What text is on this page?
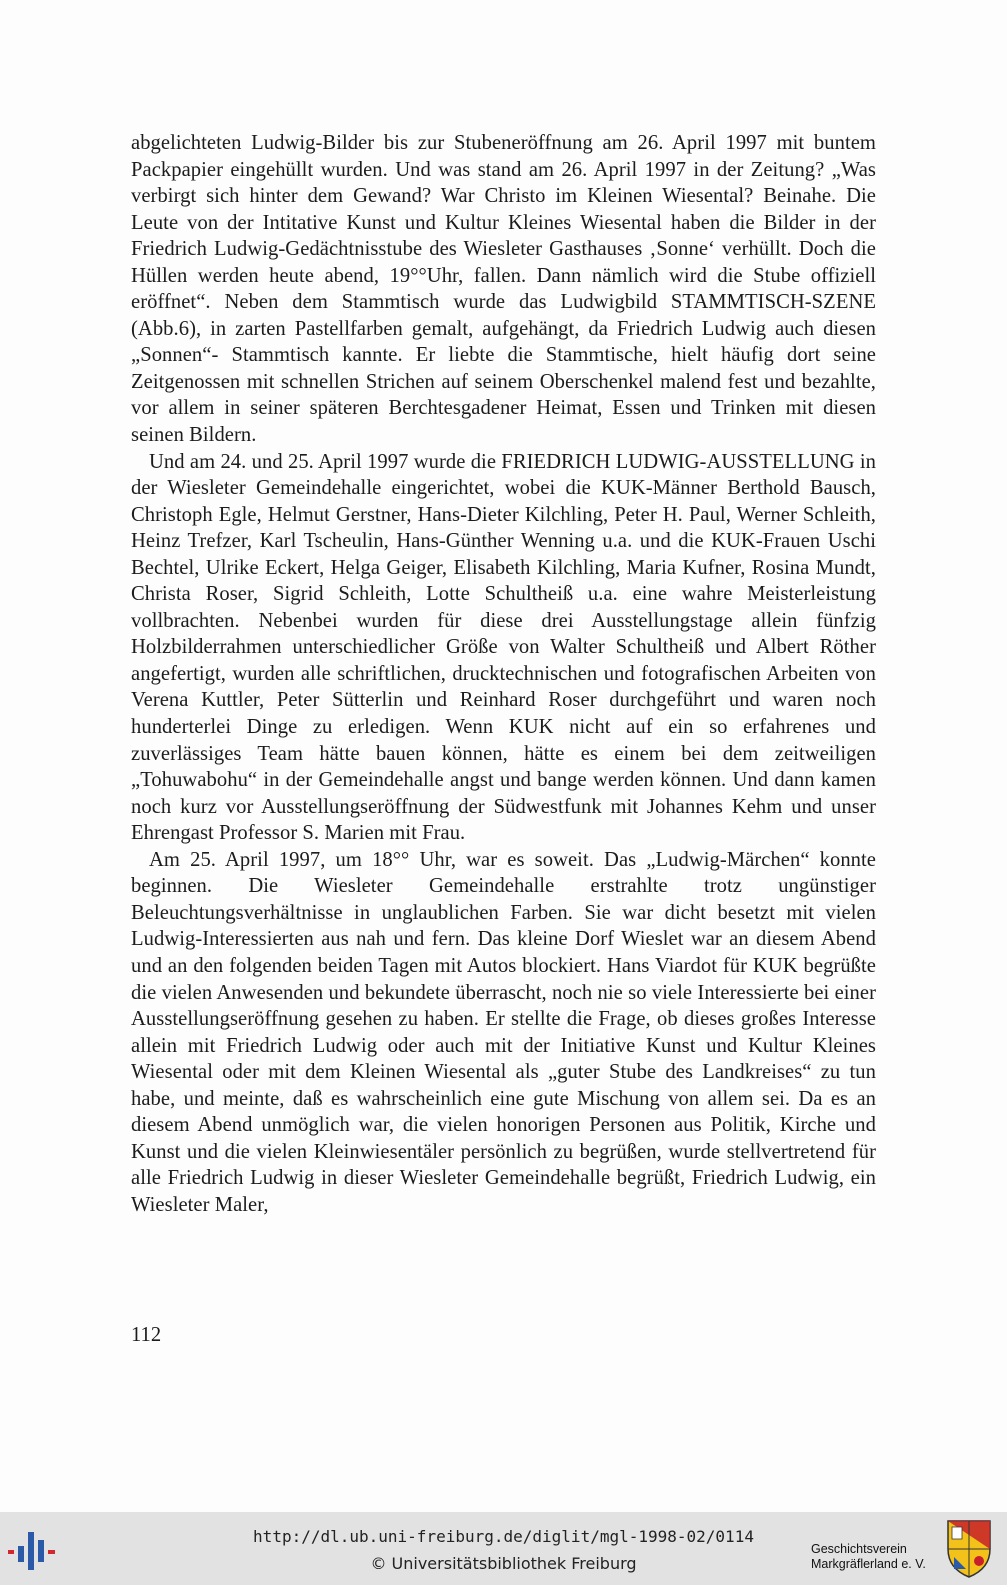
abgelichteten Ludwig-Bilder bis zur Stubeneröffnung am 26. April 1997 mit buntem Packpapier eingehüllt wurden. Und was stand am 26. April 1997 in der Zeitung? „Was verbirgt sich hinter dem Gewand? War Christo im Kleinen Wiesental? Beinahe. Die Leute von der Intitative Kunst und Kultur Kleines Wiesental haben die Bilder in der Friedrich Ludwig-Gedächtnisstube des Wiesleter Gasthauses ‚Sonne‘ verhüllt. Doch die Hüllen werden heute abend, 19°°Uhr, fallen. Dann nämlich wird die Stube offiziell eröffnet“. Neben dem Stammtisch wurde das Ludwigbild STAMMTISCH-SZENE (Abb.6), in zarten Pastellfarben gemalt, aufgehängt, da Friedrich Ludwig auch diesen „Sonnen“- Stammtisch kannte. Er liebte die Stammtische, hielt häufig dort seine Zeitgenossen mit schnellen Strichen auf seinem Oberschenkel malend fest und bezahlte, vor allem in seiner späteren Berchtesgadener Heimat, Essen und Trinken mit diesen seinen Bildern.

Und am 24. und 25. April 1997 wurde die FRIEDRICH LUDWIG-AUSSTELLUNG in der Wiesleter Gemeindehalle eingerichtet, wobei die KUK-Männer Berthold Bausch, Christoph Egle, Helmut Gerstner, Hans-Dieter Kilchling, Peter H. Paul, Werner Schleith, Heinz Trefzer, Karl Tscheulin, Hans-Günther Wenning u.a. und die KUK-Frauen Uschi Bechtel, Ulrike Eckert, Helga Geiger, Elisabeth Kilchling, Maria Kufner, Rosina Mundt, Christa Roser, Sigrid Schleith, Lotte Schultheiß u.a. eine wahre Meisterleistung vollbrachten. Nebenbei wurden für diese drei Ausstellungstage allein fünfzig Holzbilderrahmen unterschiedlicher Größe von Walter Schultheiß und Albert Röther angefertigt, wurden alle schriftlichen, drucktechnischen und fotografischen Arbeiten von Verena Kuttler, Peter Sütterlin und Reinhard Roser durchgeführt und waren noch hunderterlei Dinge zu erledigen. Wenn KUK nicht auf ein so erfahrenes und zuverlässiges Team hätte bauen können, hätte es einem bei dem zeitweiligen „Tohuwabohu“ in der Gemeindehalle angst und bange werden können. Und dann kamen noch kurz vor Ausstellungseröffnung der Südwestfunk mit Johannes Kehm und unser Ehrengast Professor S. Marien mit Frau.

Am 25. April 1997, um 18°° Uhr, war es soweit. Das „Ludwig-Märchen“ konnte beginnen. Die Wiesleter Gemeindehalle erstrahlte trotz ungünstiger Beleuchtungsverhältnisse in unglaublichen Farben. Sie war dicht besetzt mit vielen Ludwig-Interessierten aus nah und fern. Das kleine Dorf Wieslet war an diesem Abend und an den folgenden beiden Tagen mit Autos blockiert. Hans Viardot für KUK begrüßte die vielen Anwesenden und bekundete überrascht, noch nie so viele Interessierte bei einer Ausstellungseröffnung gesehen zu haben. Er stellte die Frage, ob dieses großes Interesse allein mit Friedrich Ludwig oder auch mit der Initiative Kunst und Kultur Kleines Wiesental oder mit dem Kleinen Wiesental als „guter Stube des Landkreises“ zu tun habe, und meinte, daß es wahrscheinlich eine gute Mischung von allem sei. Da es an diesem Abend unmöglich war, die vielen honorigen Personen aus Politik, Kirche und Kunst und die vielen Kleinwiesentäler persönlich zu begrüßen, wurde stellvertretend für alle Friedrich Ludwig in dieser Wiesleter Gemeindehalle begrüßt, Friedrich Ludwig, ein Wiesleter Maler,

112
http://dl.ub.uni-freiburg.de/diglit/mgl-1998-02/0114
© Universitätsbibliothek Freiburg
Geschichtsverein
Markgräflerland e. V.
